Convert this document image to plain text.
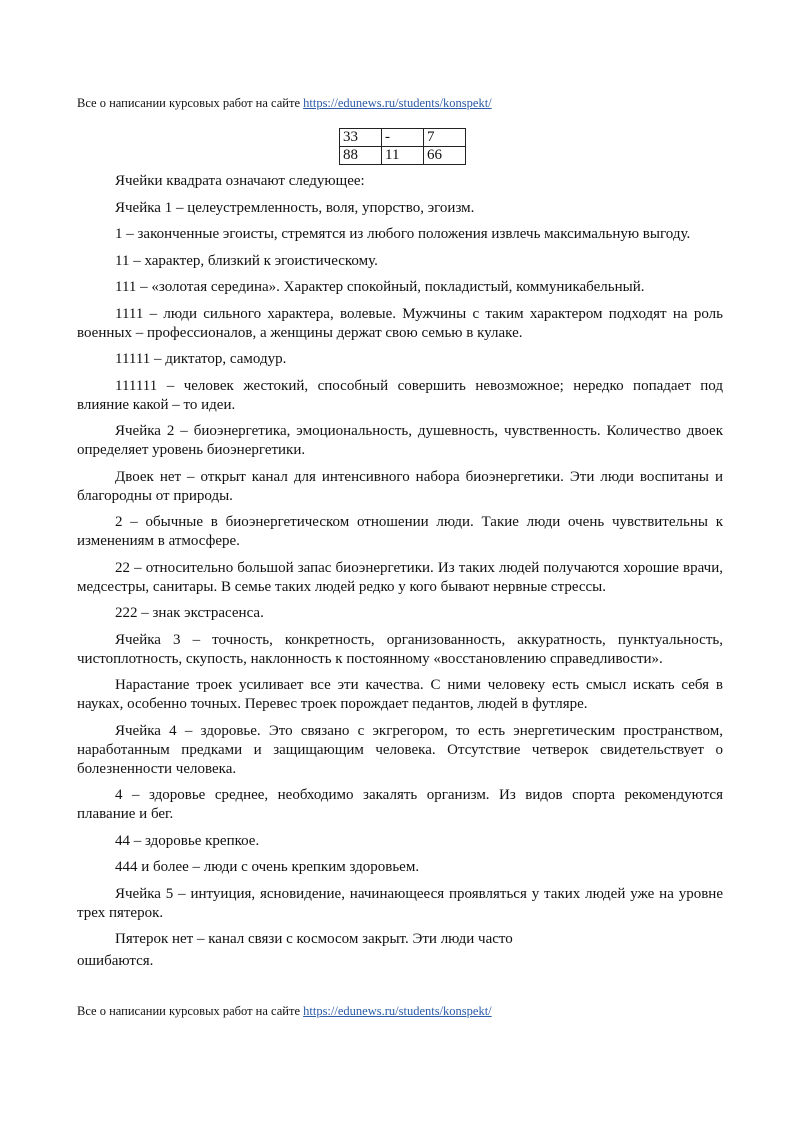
Все о написании курсовых работ на сайте https://edunews.ru/students/konspekt/
33	-	7
88	11	66

Ячейки квадрата означают следующее:

Ячейка 1 – целеустремленность, воля, упорство, эгоизм.

1 – законченные эгоисты, стремятся из любого положения извлечь максимальную выгоду.

11 – характер, близкий к эгоистическому.

111 – «золотая середина». Характер спокойный, покладистый, коммуникабельный.

1111 – люди сильного характера, волевые. Мужчины с таким характером подходят на роль военных – профессионалов, а женщины держат свою семью в кулаке.

11111 – диктатор, самодур.

111111 – человек жестокий, способный совершить невозможное; нередко попадает под влияние какой – то идеи.

Ячейка 2 – биоэнергетика, эмоциональность, душевность, чувственность. Количество двоек определяет уровень биоэнергетики.

Двоек нет – открыт канал для интенсивного набора биоэнергетики. Эти люди воспитаны и благородны от природы.

2 – обычные в биоэнергетическом отношении люди. Такие люди очень чувствительны к изменениям в атмосфере.

22 – относительно большой запас биоэнергетики. Из таких людей получаются хорошие врачи, медсестры, санитары. В семье таких людей редко у кого бывают нервные стрессы.

222 – знак экстрасенса.

Ячейка 3 – точность, конкретность, организованность, аккуратность, пунктуальность, чистоплотность, скупость, наклонность к постоянному «восстановлению справедливости».

Нарастание троек усиливает все эти качества. С ними человеку есть смысл искать себя в науках, особенно точных. Перевес троек порождает педантов, людей в футляре.

Ячейка 4 – здоровье. Это связано с экгрегором, то есть энергетическим пространством, наработанным предками и защищающим человека. Отсутствие четверок свидетельствует о болезненности человека.

4 – здоровье среднее, необходимо закалять организм. Из видов спорта рекомендуются плавание и бег.

44 – здоровье крепкое.

444 и более – люди с очень крепким здоровьем.

Ячейка 5 – интуиция, ясновидение, начинающееся проявляться у таких людей уже на уровне трех пятерок.

Пятерок нет – канал связи с космосом закрыт. Эти люди часто

ошибаются.

Все о написании курсовых работ на сайте https://edunews.ru/students/konspekt/
